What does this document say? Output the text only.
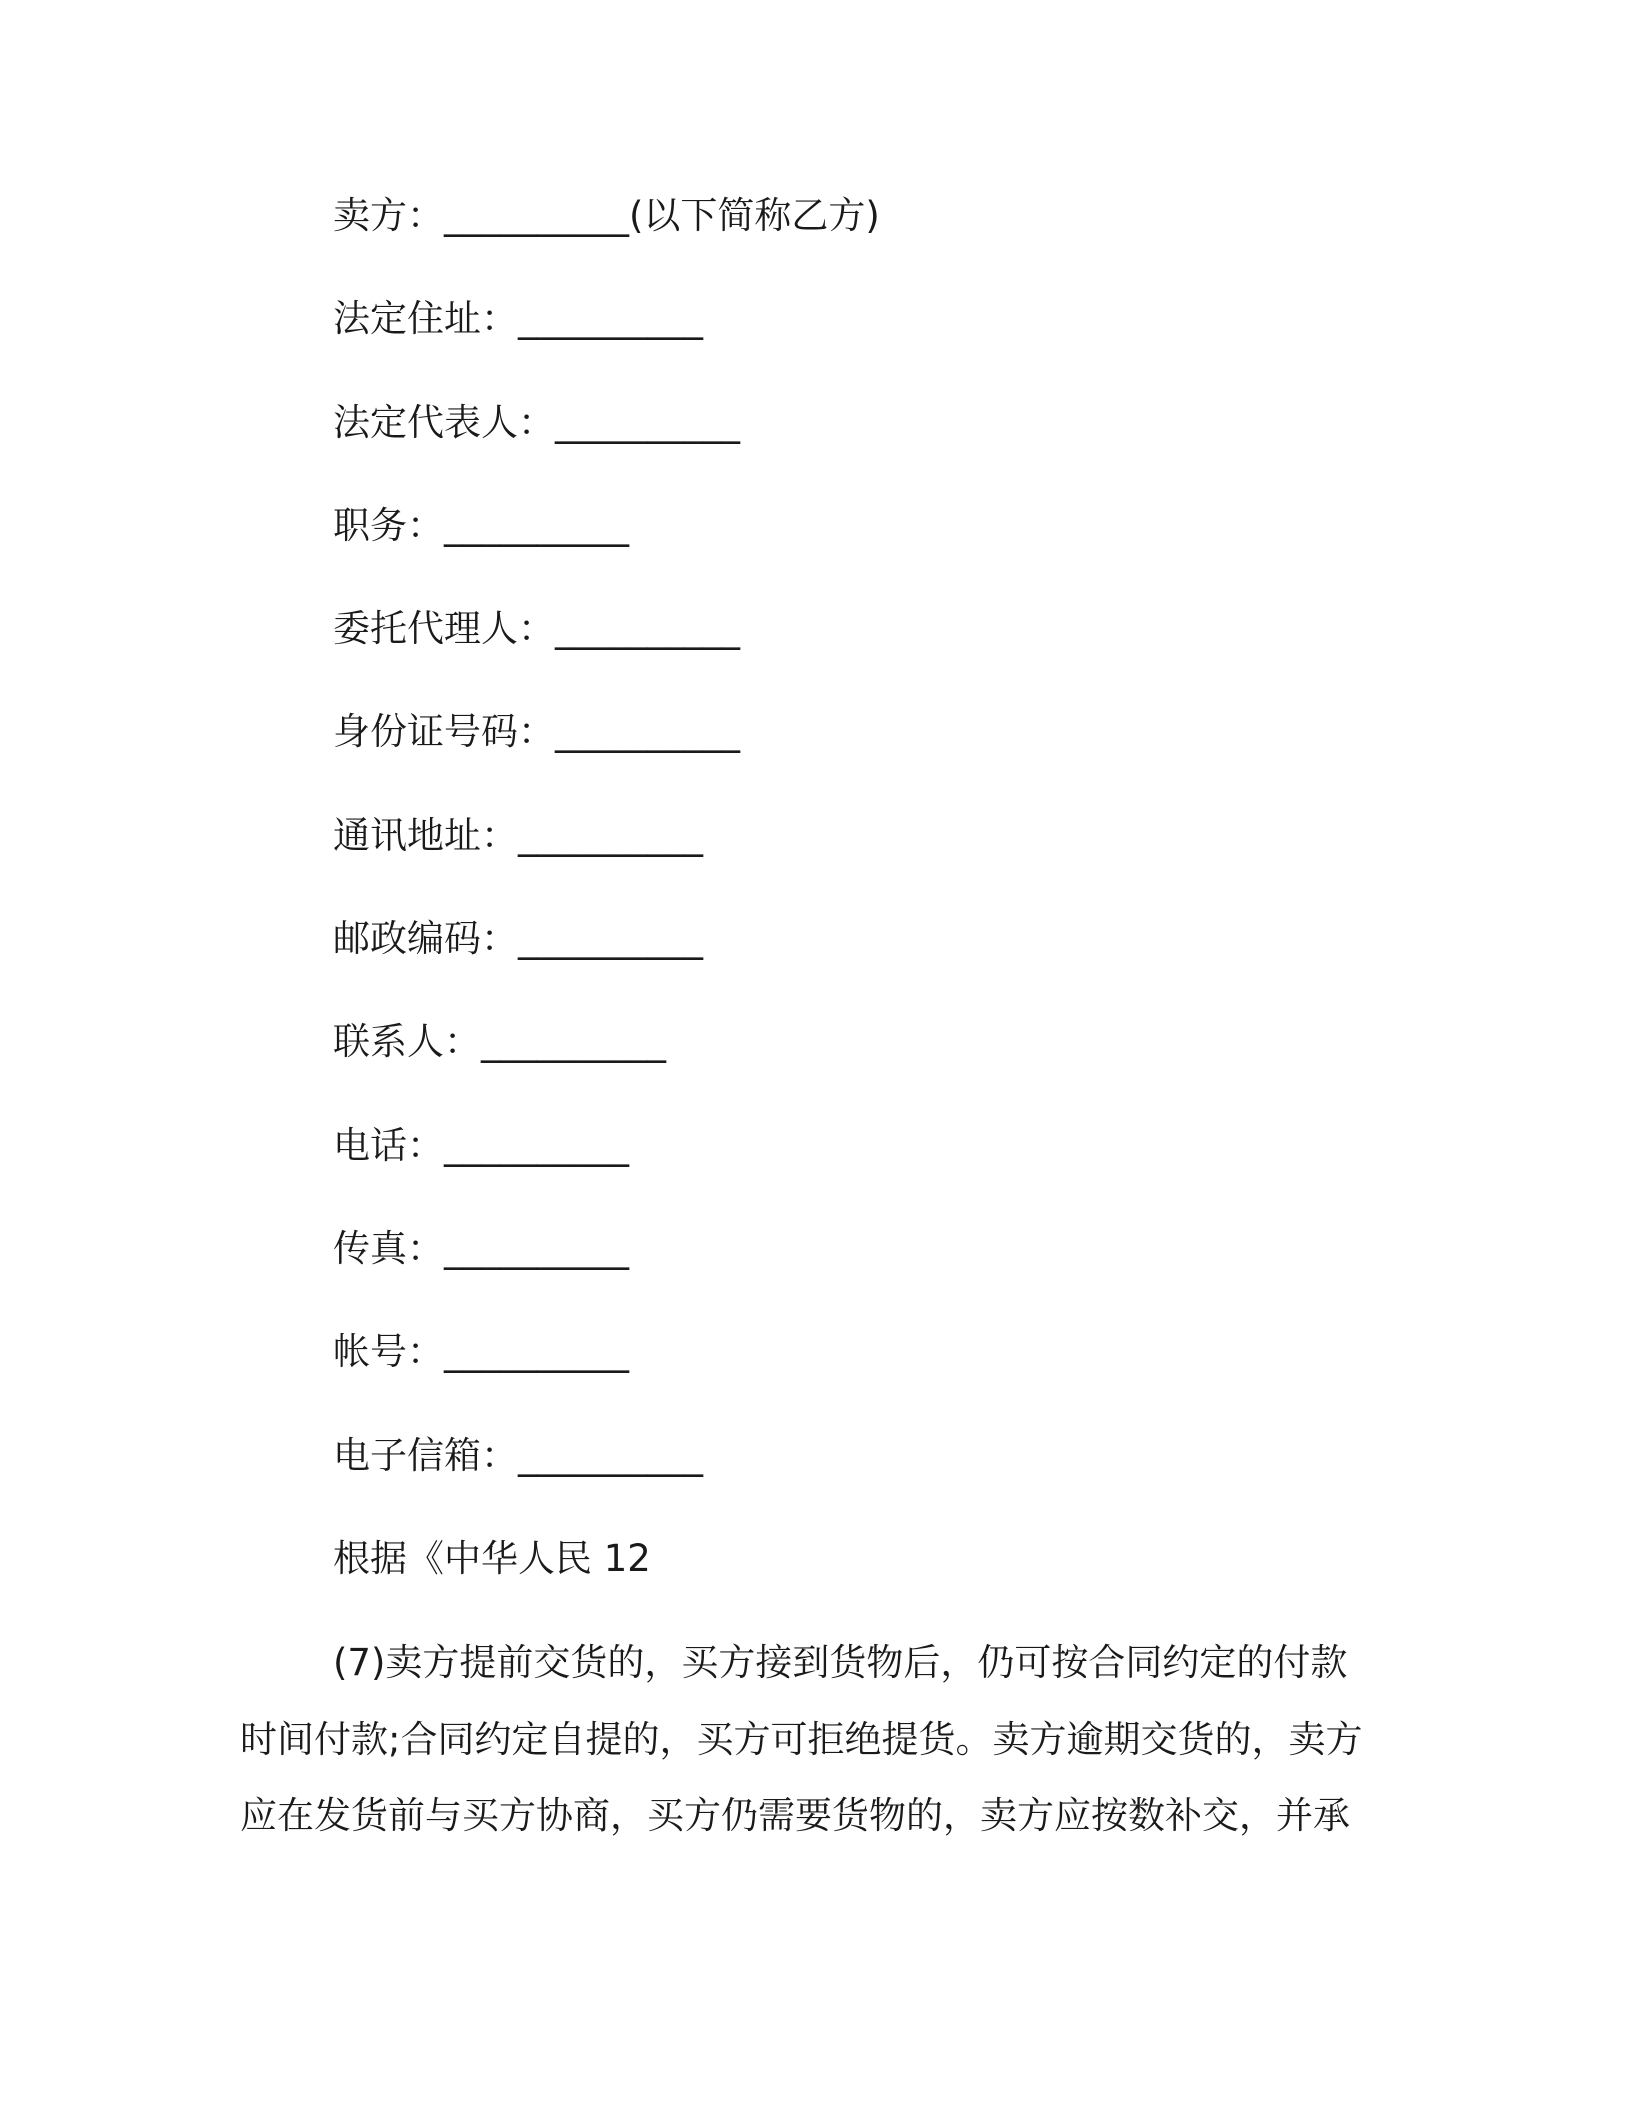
卖方：__________(以下简称乙方)
法定住址：__________
法定代表人：__________
职务：__________
委托代理人：__________
身份证号码：__________
通讯地址：__________
邮政编码：__________
联系人：__________
电话：__________
传真：__________
帐号：__________
电子信箱：__________
根据《中华人民 12
(7)卖方提前交货的，买方接到货物后，仍可按合同约定的付款
时间付款;合同约定自提的，买方可拒绝提货。卖方逾期交货的，卖方
应在发货前与买方协商，买方仍需要货物的，卖方应按数补交，并承
